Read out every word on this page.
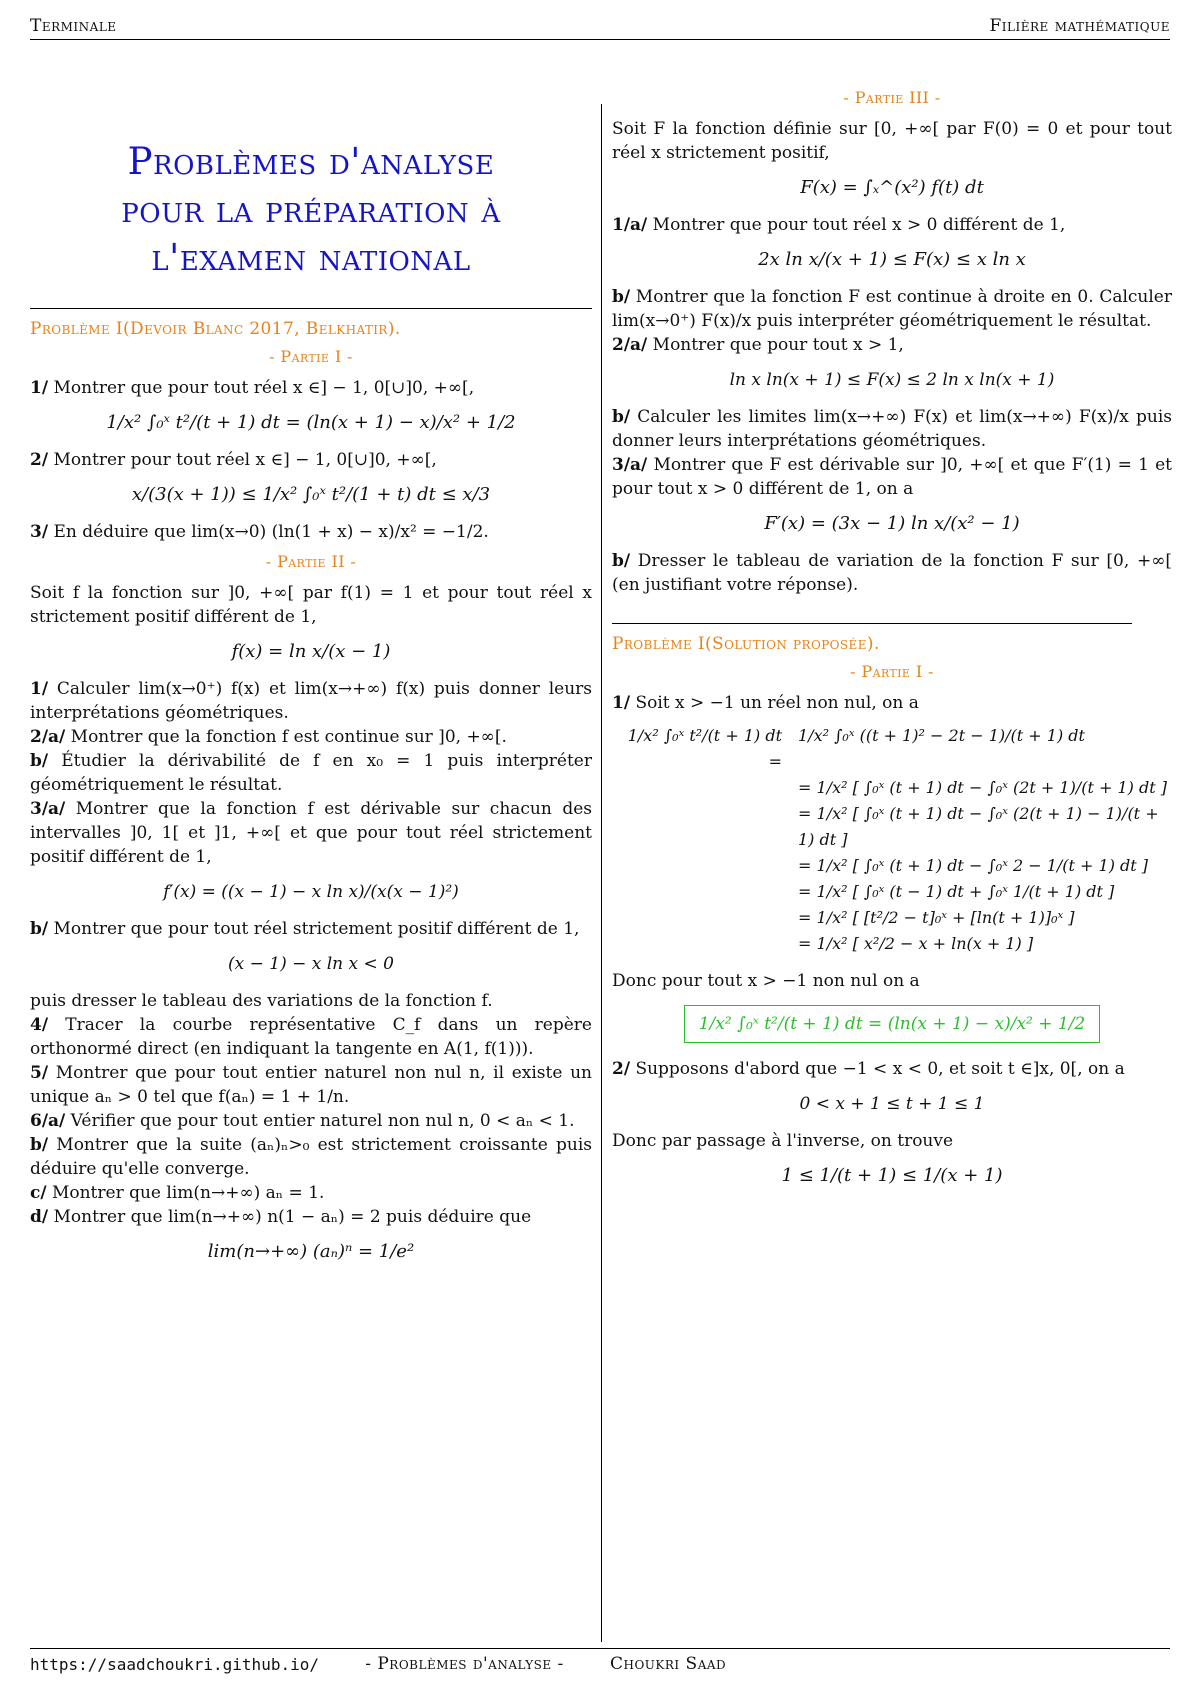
Terminale	Filière mathématique
Problèmes d'analyse
pour la préparation à
l'examen national
Problème I(Devoir Blanc 2017, Belkhatir).
- Partie I -

1/ Montrer que pour tout réel x ∈] − 1, 0[∪]0, +∞[,

1/x² ∫₀ˣ t²/(t + 1) dt = (ln(x + 1) − x)/x² + 1/2

2/ Montrer pour tout réel x ∈] − 1, 0[∪]0, +∞[,

x/(3(x + 1)) ≤ 1/x² ∫₀ˣ t²/(1 + t) dt ≤ x/3

3/ En déduire que lim(x→0) (ln(1 + x) − x)/x² = −1/2.

- Partie II -

Soit f la fonction sur ]0, +∞[ par f(1) = 1 et pour tout réel x strictement positif différent de 1,

f(x) = ln x/(x − 1)

1/ Calculer lim(x→0⁺) f(x) et lim(x→+∞) f(x) puis donner leurs interprétations géométriques.

2/a/ Montrer que la fonction f est continue sur ]0, +∞[.

b/ Étudier la dérivabilité de f en x₀ = 1 puis interpréter géométriquement le résultat.

3/a/ Montrer que la fonction f est dérivable sur chacun des intervalles ]0, 1[ et ]1, +∞[ et que pour tout réel strictement positif différent de 1,

f′(x) = ((x − 1) − x ln x)/(x(x − 1)²)

b/ Montrer que pour tout réel strictement positif différent de 1,

(x − 1) − x ln x < 0

puis dresser le tableau des variations de la fonction f.

4/ Tracer la courbe représentative C_f dans un repère orthonormé direct (en indiquant la tangente en A(1, f(1))).

5/ Montrer que pour tout entier naturel non nul n, il existe un unique aₙ > 0 tel que f(aₙ) = 1 + 1/n.

6/a/ Vérifier que pour tout entier naturel non nul n, 0 < aₙ < 1.

b/ Montrer que la suite (aₙ)ₙ>₀ est strictement croissante puis déduire qu'elle converge.

c/ Montrer que lim(n→+∞) aₙ = 1.

d/ Montrer que lim(n→+∞) n(1 − aₙ) = 2 puis déduire que

lim(n→+∞) (aₙ)ⁿ = 1/e²
- Partie III -

Soit F la fonction définie sur [0, +∞[ par F(0) = 0 et pour tout réel x strictement positif,

F(x) = ∫ₓ^(x²) f(t) dt

1/a/ Montrer que pour tout réel x > 0 différent de 1,

2x ln x/(x + 1) ≤ F(x) ≤ x ln x

b/ Montrer que la fonction F est continue à droite en 0. Calculer lim(x→0⁺) F(x)/x puis interpréter géométriquement le résultat.

2/a/ Montrer que pour tout x > 1,

ln x ln(x + 1) ≤ F(x) ≤ 2 ln x ln(x + 1)

b/ Calculer les limites lim(x→+∞) F(x) et lim(x→+∞) F(x)/x puis donner leurs interprétations géométriques.

3/a/ Montrer que F est dérivable sur ]0, +∞[ et que F′(1) = 1 et pour tout x > 0 différent de 1, on a

F′(x) = (3x − 1) ln x/(x² − 1)

b/ Dresser le tableau de variation de la fonction F sur [0, +∞[ (en justifiant votre réponse).

Problème I(Solution proposée).
- Partie I -

1/ Soit x > −1 un réel non nul, on a

1/x² ∫₀ˣ t²/(t + 1) dt =
1/x² ∫₀ˣ ((t + 1)² − 2t − 1)/(t + 1) dt
= 1/x² [ ∫₀ˣ (t + 1) dt − ∫₀ˣ (2t + 1)/(t + 1) dt ]
= 1/x² [ ∫₀ˣ (t + 1) dt − ∫₀ˣ (2(t + 1) − 1)/(t + 1) dt ]
= 1/x² [ ∫₀ˣ (t + 1) dt − ∫₀ˣ 2 − 1/(t + 1) dt ]
= 1/x² [ ∫₀ˣ (t − 1) dt + ∫₀ˣ 1/(t + 1) dt ]
= 1/x² [ [t²/2 − t]₀ˣ + [ln(t + 1)]₀ˣ ]
= 1/x² [ x²/2 − x + ln(x + 1) ]

Donc pour tout x > −1 non nul on a

1/x² ∫₀ˣ t²/(t + 1) dt = (ln(x + 1) − x)/x² + 1/2

2/ Supposons d'abord que −1 < x < 0, et soit t ∈]x, 0[, on a

0 < x + 1 ≤ t + 1 ≤ 1

Donc par passage à l'inverse, on trouve

1 ≤ 1/(t + 1) ≤ 1/(x + 1)
https://saadchoukri.github.io/	- Problèmes d'analyse -	Choukri Saad
